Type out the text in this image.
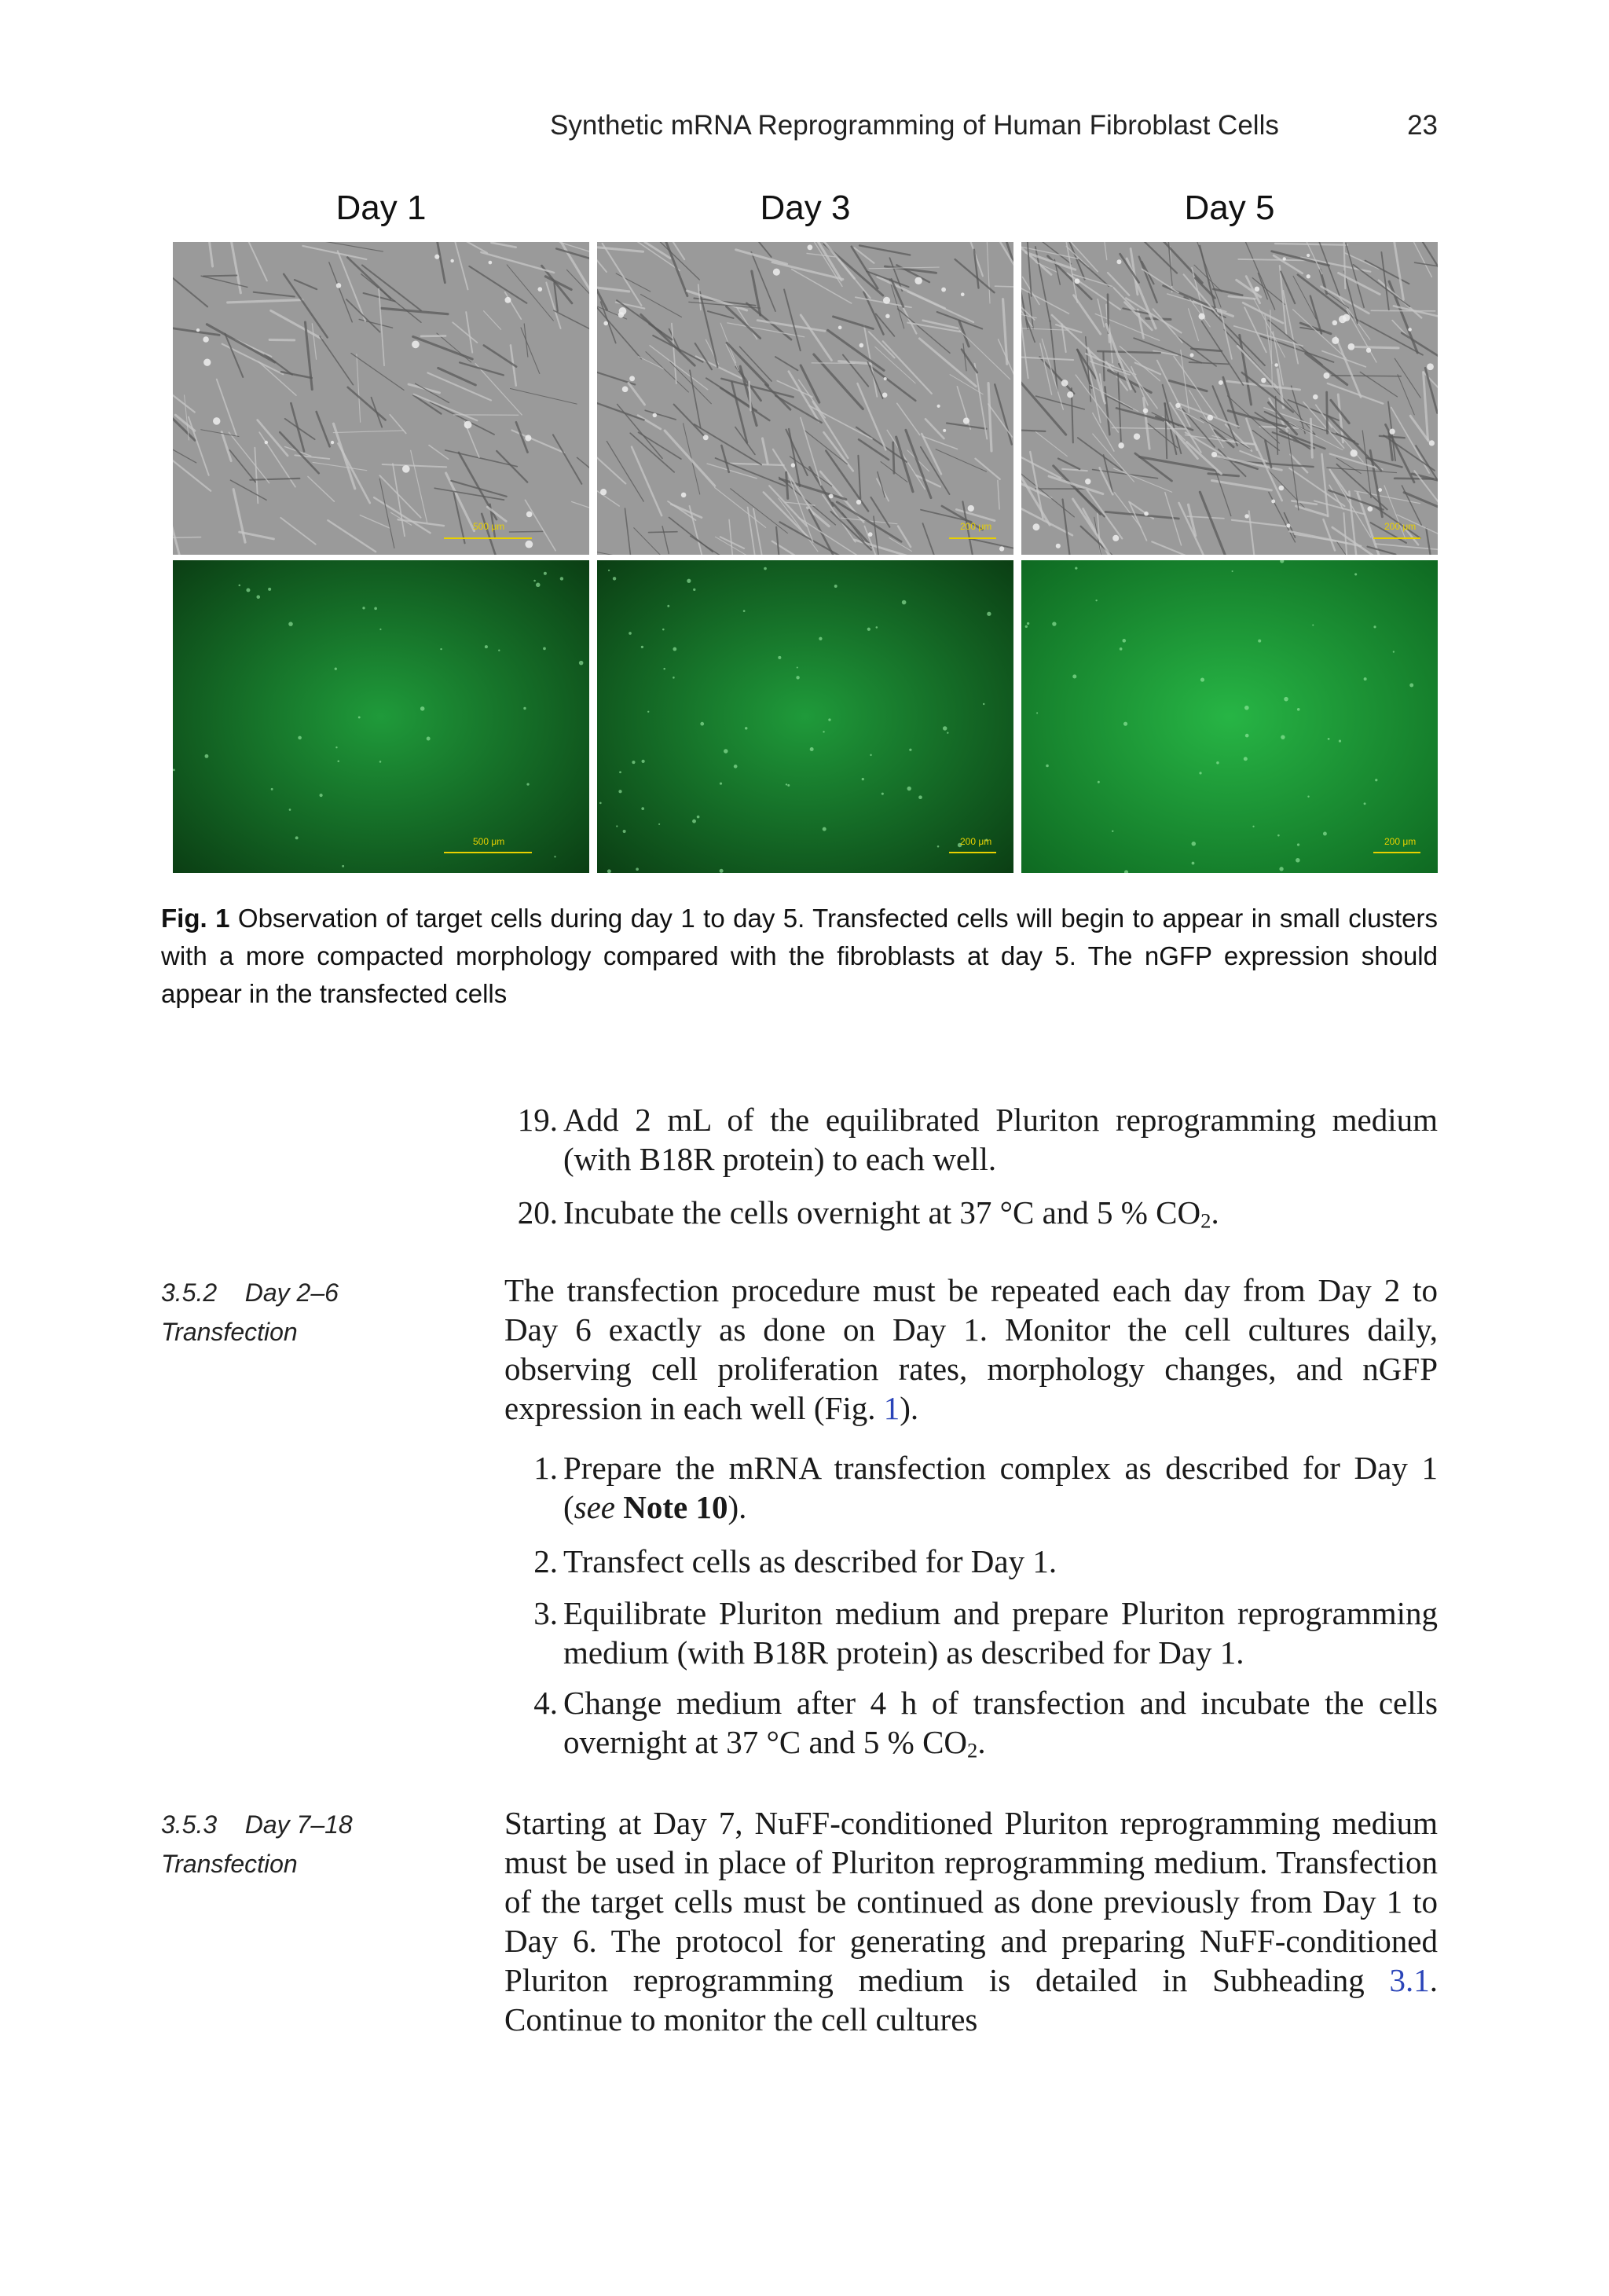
Synthetic mRNA Reprogramming of Human Fibroblast Cells	23
Day 1	Day 3	Day 5
500 μm	200 μm	200 μm
500 μm	200 μm	200 μm
Fig. 1 Observation of target cells during day 1 to day 5. Transfected cells will begin to appear in small clusters with a more compacted morphology compared with the fibroblasts at day 5. The nGFP expression should appear in the transfected cells
19. Add 2 mL of the equilibrated Pluriton reprogramming medium (with B18R protein) to each well.
20. Incubate the cells overnight at 37 °C and 5 % $CO_2$.
3.5.2 Day 2–6
Transfection
The transfection procedure must be repeated each day from Day 2 to Day 6 exactly as done on Day 1. Monitor the cell cultures daily, observing cell proliferation rates, morphology changes, and nGFP expression in each well (Fig. 1).
1. Prepare the mRNA transfection complex as described for Day 1 (see Note 10).
2. Transfect cells as described for Day 1.
3. Equilibrate Pluriton medium and prepare Pluriton reprogramming medium (with B18R protein) as described for Day 1.
4. Change medium after 4 h of transfection and incubate the cells overnight at 37 °C and 5 % $CO_2$.
3.5.3 Day 7–18
Transfection
Starting at Day 7, NuFF-conditioned Pluriton reprogramming medium must be used in place of Pluriton reprogramming medium. Transfection of the target cells must be continued as done previously from Day 1 to Day 6. The protocol for generating and preparing NuFF-conditioned Pluriton reprogramming medium is detailed in Subheading 3.1. Continue to monitor the cell cultures
